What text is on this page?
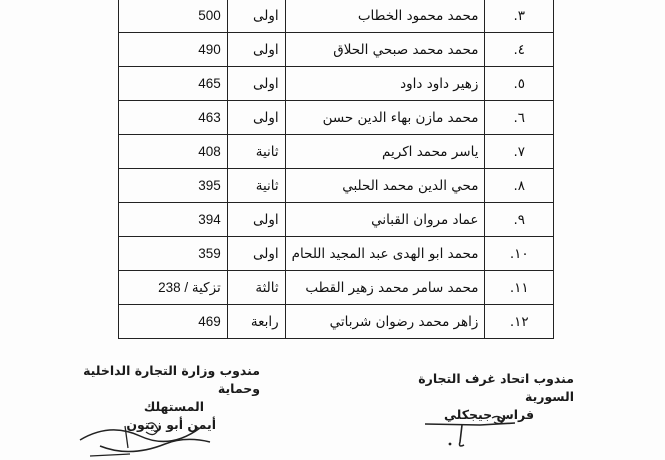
٣.	محمد محمود الخطاب	اولى	500
٤.	محمد محمد صبحي الحلاق	اولى	490
٥.	زهير داود داود	اولى	465
٦.	محمد مازن بهاء الدين حسن	اولى	463
٧.	ياسر محمد اكريم	ثانية	408
٨.	محي الدين محمد الحلبي	ثانية	395
٩.	عماد مروان القباني	اولى	394
١٠.	محمد ابو الهدى عبد المجيد اللحام	اولى	359
١١.	محمد سامر محمد زهير القطب	ثالثة	تزكية / 238
١٢.	زاهر محمد رضوان شرباتي	رابعة	469
مندوب اتحاد غرف التجارة السورية
فراس جيجكلي
مندوب وزارة التجارة الداخلية وحماية
المستهلك
أيمن أبو زيتون
